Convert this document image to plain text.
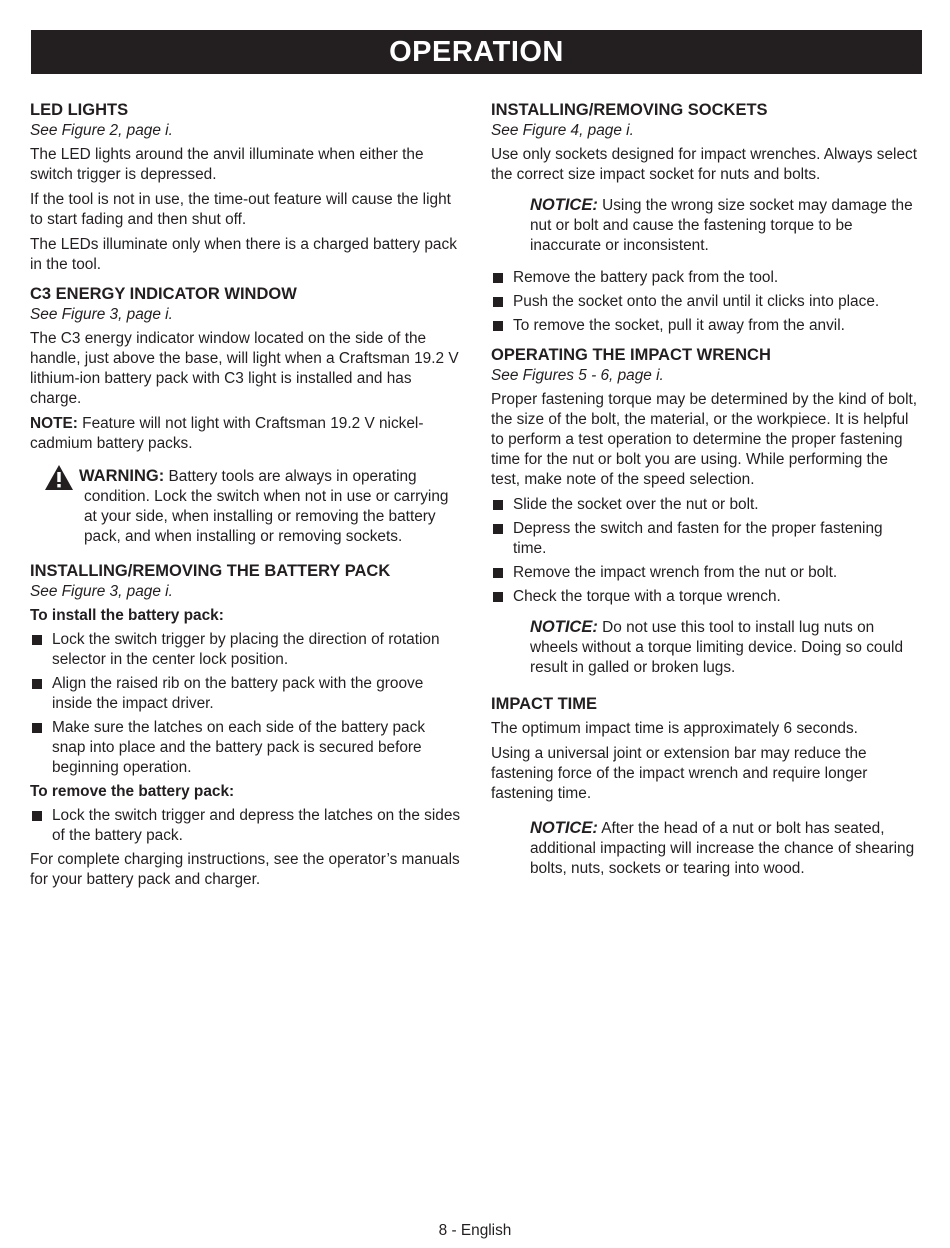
OPERATION
LED LIGHTS
See Figure 2, page i.

The LED lights around the anvil illuminate when either the switch trigger is depressed.

If the tool is not in use, the time-out feature will cause the light to start fading and then shut off.

The LEDs illuminate only when there is a charged battery pack in the tool.

C3 ENERGY INDICATOR WINDOW
See Figure 3, page i.

The C3 energy indicator window located on the side of the handle, just above the base, will light when a Craftsman 19.2 V lithium-ion battery pack with C3 light is installed and has charge.

NOTE: Feature will not light with Craftsman 19.2 V nickel-cadmium battery packs.

WARNING: Battery tools are always in operating condition. Lock the switch when not in use or carrying at your side, when installing or removing the battery pack, and when installing or removing sockets.
INSTALLING/REMOVING THE BATTERY PACK
See Figure 3, page i.
To install the battery pack:
Lock the switch trigger by placing the direction of rotation selector in the center lock position.
Align the raised rib on the battery pack with the groove inside the impact driver.
Make sure the latches on each side of the battery pack snap into place and the battery pack is secured before beginning operation.
To remove the battery pack:
Lock the switch trigger and depress the latches on the sides of the battery pack.

For complete charging instructions, see the operator’s manuals for your battery pack and charger.

INSTALLING/REMOVING SOCKETS
See Figure 4, page i.

Use only sockets designed for impact wrenches. Always select the correct size impact socket for nuts and bolts.

NOTICE: Using the wrong size socket may damage the nut or bolt and cause the fastening torque to be inaccurate or inconsistent.
Remove the battery pack from the tool.
Push the socket onto the anvil until it clicks into place.
To remove the socket, pull it away from the anvil.
OPERATING THE IMPACT WRENCH
See Figures 5 - 6, page i.

Proper fastening torque may be determined by the kind of bolt, the size of the bolt, the material, or the workpiece. It is helpful to perform a test operation to determine the proper fastening time for the nut or bolt you are using. While performing the test, make note of the speed selection.

Slide the socket over the nut or bolt.
Depress the switch and fasten for the proper fastening time.
Remove the impact wrench from the nut or bolt.
Check the torque with a torque wrench.
NOTICE: Do not use this tool to install lug nuts on wheels without a torque limiting device. Doing so could result in galled or broken lugs.
IMPACT TIME

The optimum impact time is approximately 6 seconds.

Using a universal joint or extension bar may reduce the fastening force of the impact wrench and require longer fastening time.

NOTICE: After the head of a nut or bolt has seated, additional impacting will increase the chance of shearing bolts, nuts, sockets or tearing into wood.
8 - English
